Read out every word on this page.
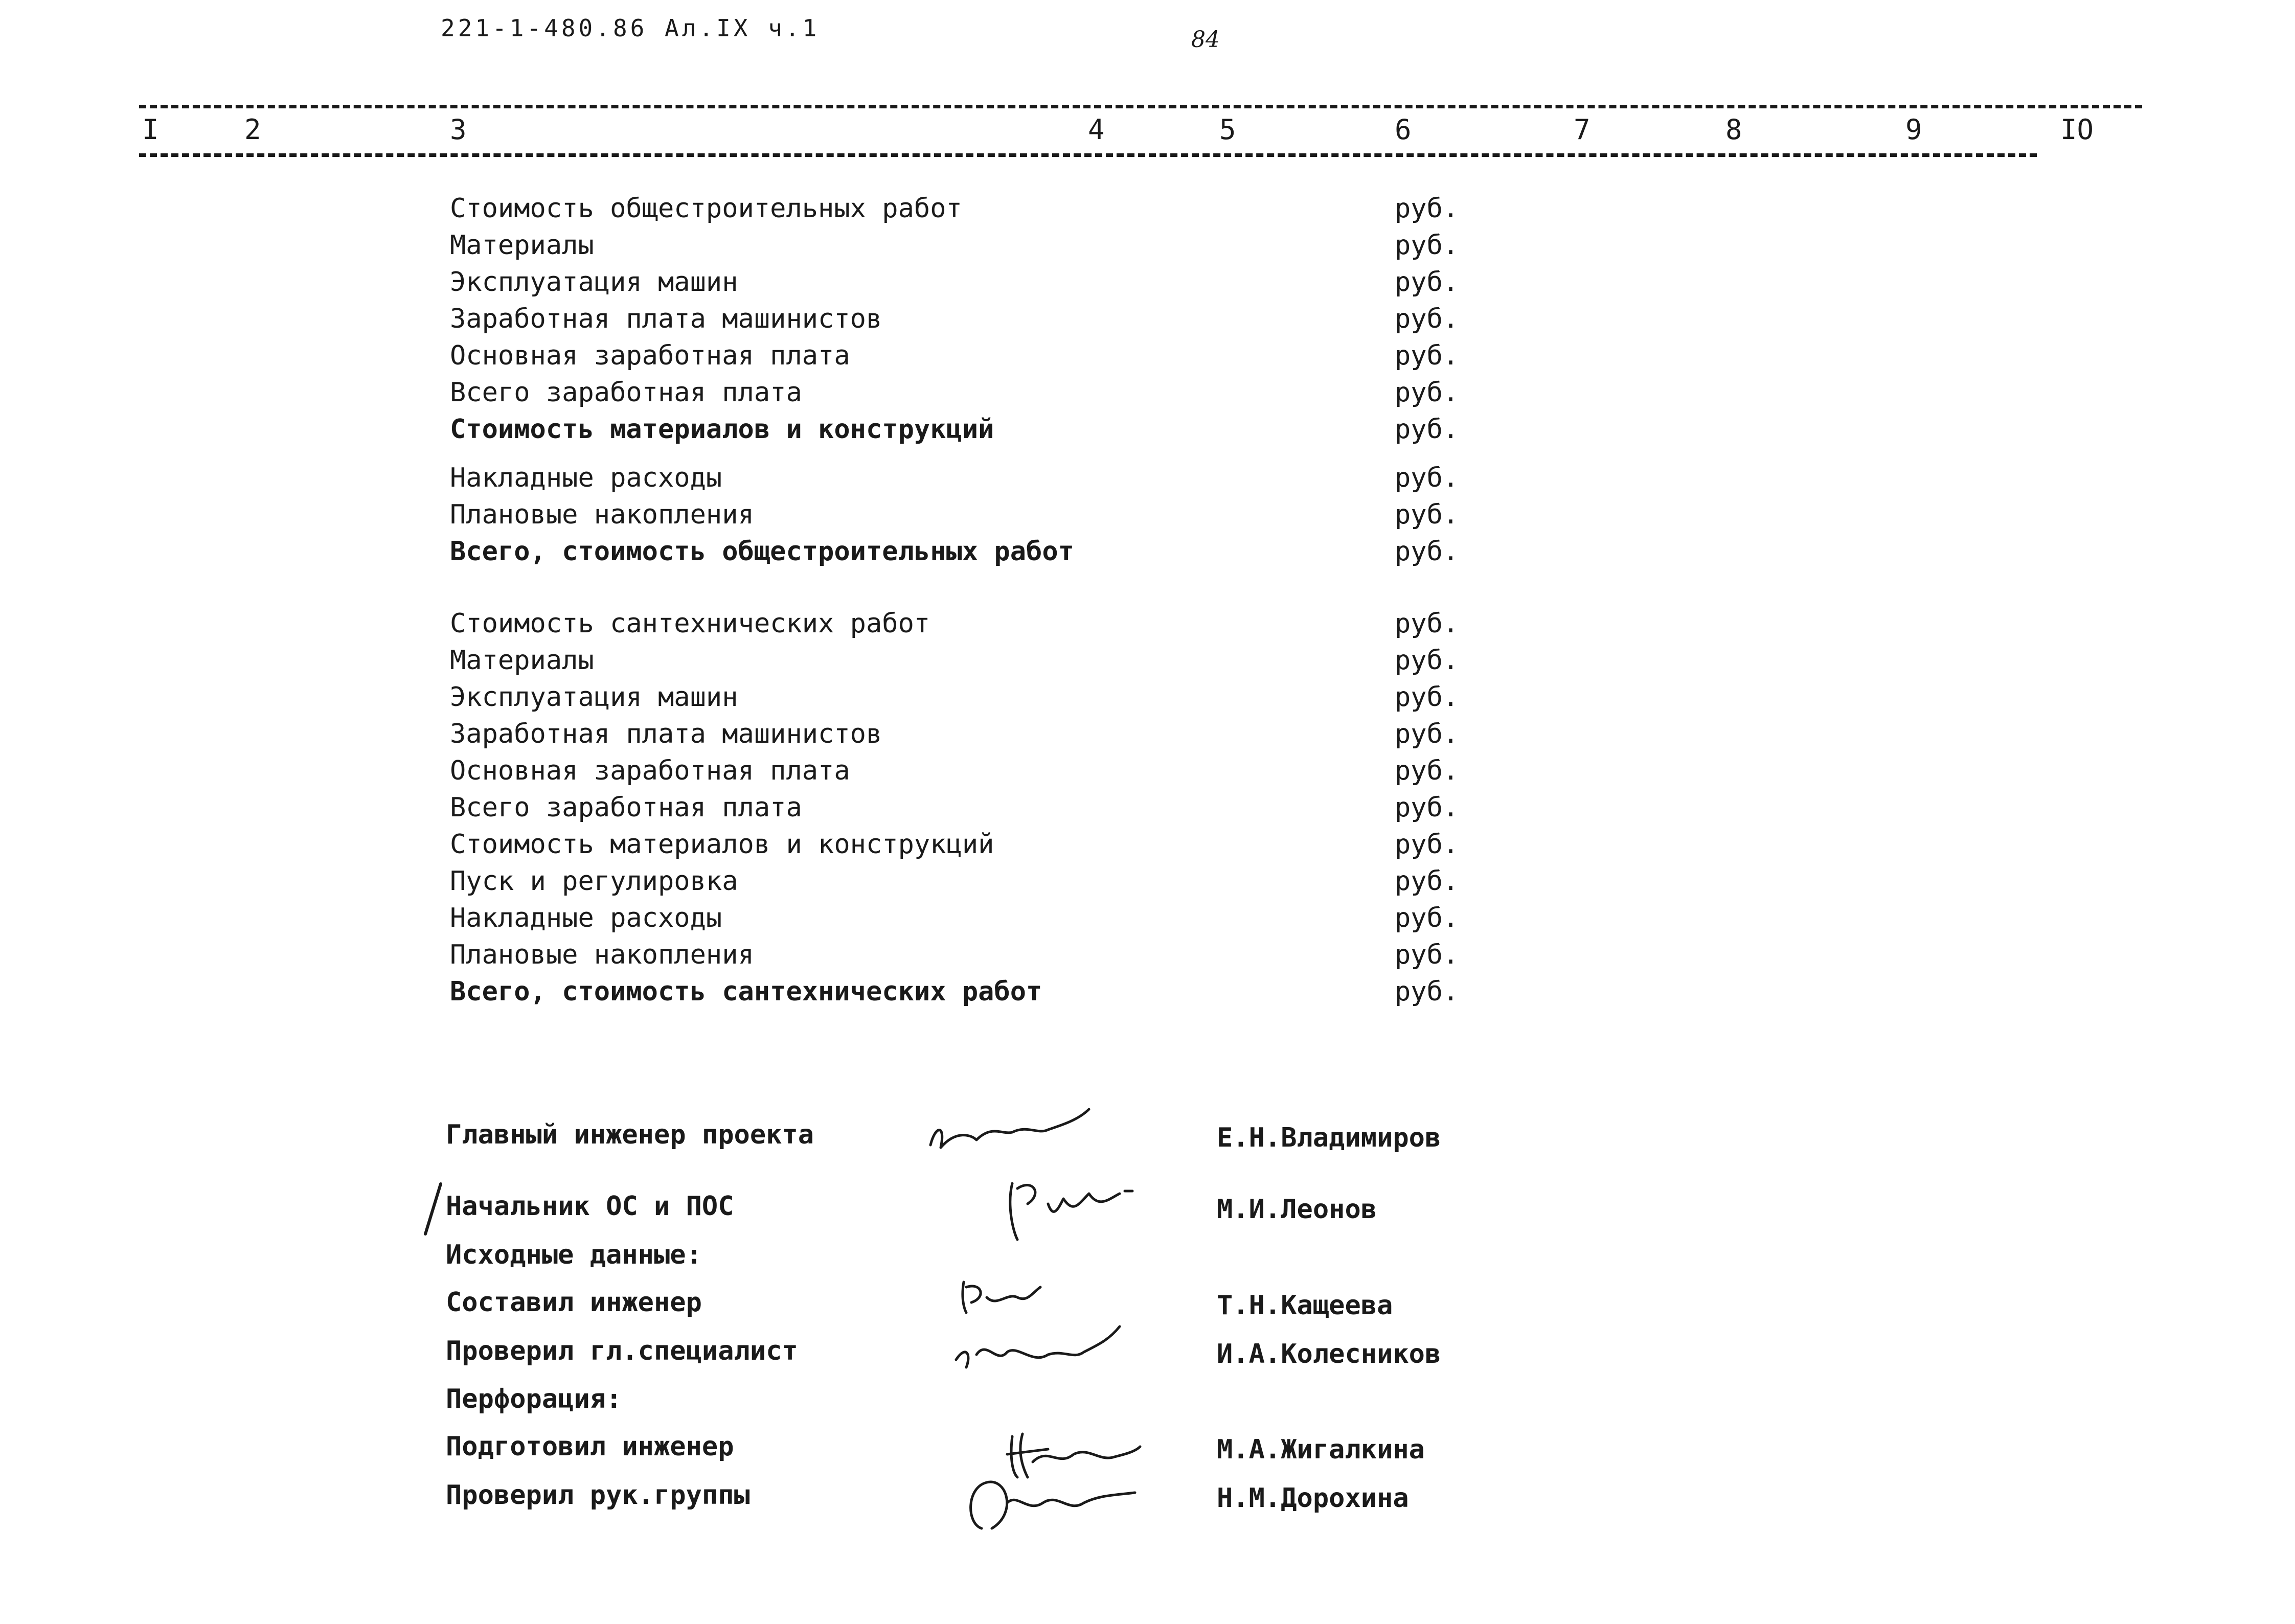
221-1-480.86 Ал.IX ч.1	84
I	2	3	4	5	6	7	8	9	IO
Стоимость общестроительных работ	руб.
Материалы	руб.
Эксплуатация машин	руб.
Заработная плата машинистов	руб.
Основная заработная плата	руб.
Всего заработная плата	руб.
Стоимость материалов и конструкций	руб.
Накладные расходы	руб.
Плановые накопления	руб.
Всего, стоимость общестроительных работ	руб.
Стоимость сантехнических работ	руб.
Материалы	руб.
Эксплуатация машин	руб.
Заработная плата машинистов	руб.
Основная заработная плата	руб.
Всего заработная плата	руб.
Стоимость материалов и конструкций	руб.
Пуск и регулировка	руб.
Накладные расходы	руб.
Плановые накопления	руб.
Всего, стоимость сантехнических работ	руб.
Главный инженер проекта	Е.Н.Владимиров
Начальник ОС и ПОС	М.И.Леонов
Исходные данные:
Составил инженер	Т.Н.Кащеева
Проверил гл.специалист	И.А.Колесников
Перфорация:
Подготовил инженер	М.А.Жигалкина
Проверил рук.группы	Н.М.Дорохина
